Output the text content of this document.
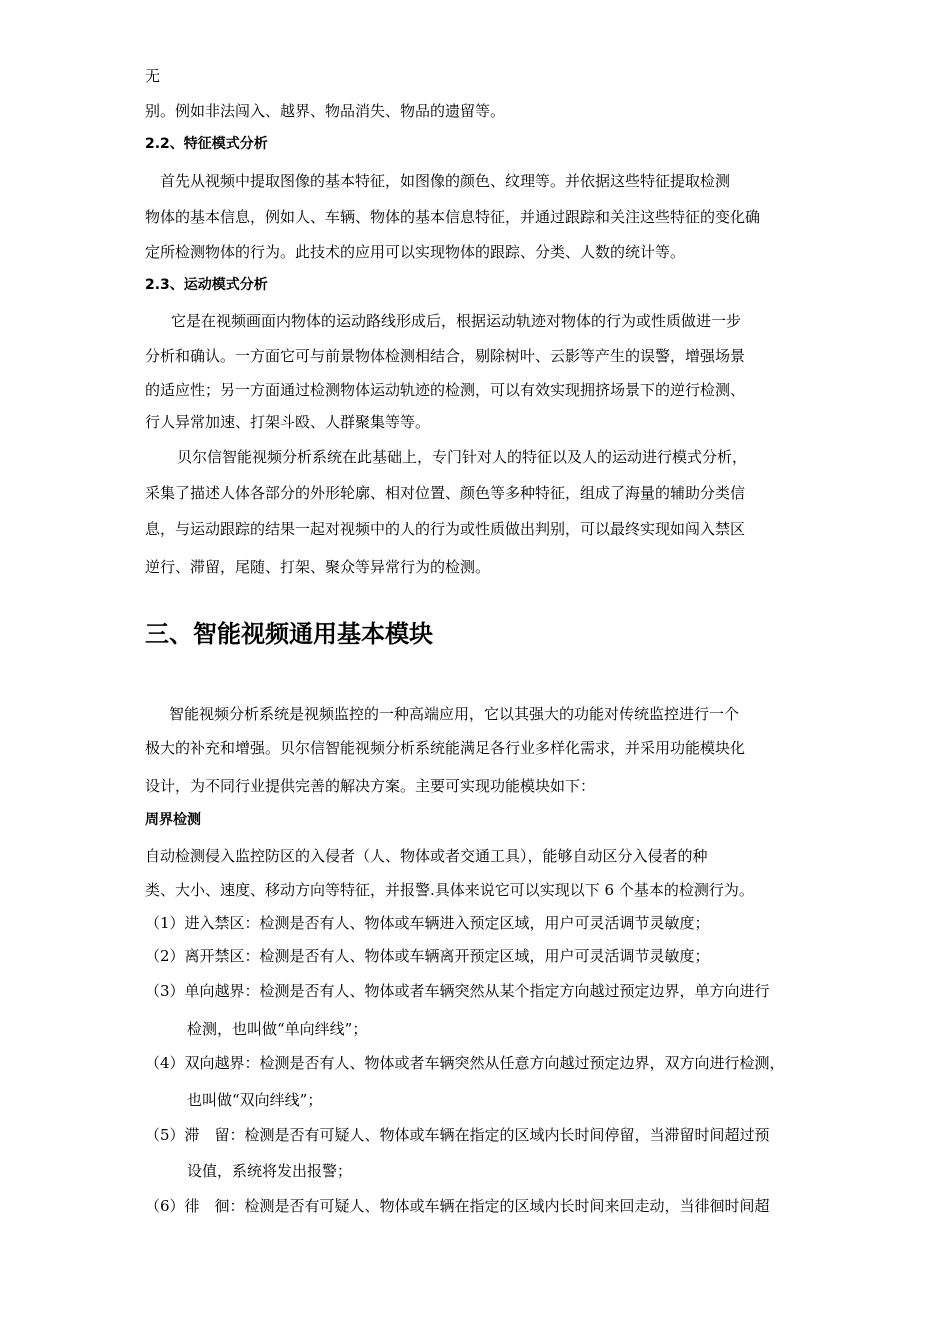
无
别。例如非法闯入、越界、物品消失、物品的遗留等。
2.2、特征模式分析
首先从视频中提取图像的基本特征，如图像的颜色、纹理等。并依据这些特征提取检测
物体的基本信息，例如人、车辆、物体的基本信息特征，并通过跟踪和关注这些特征的变化确
定所检测物体的行为。此技术的应用可以实现物体的跟踪、分类、人数的统计等。
2.3、运动模式分析
它是在视频画面内物体的运动路线形成后，根据运动轨迹对物体的行为或性质做进一步
分析和确认。一方面它可与前景物体检测相结合，剔除树叶、云影等产生的误警，增强场景
的适应性；另一方面通过检测物体运动轨迹的检测，可以有效实现拥挤场景下的逆行检测、
行人异常加速、打架斗殴、人群聚集等等。
贝尔信智能视频分析系统在此基础上，专门针对人的特征以及人的运动进行模式分析，
采集了描述人体各部分的外形轮廓、相对位置、颜色等多种特征，组成了海量的辅助分类信
息，与运动跟踪的结果一起对视频中的人的行为或性质做出判别，可以最终实现如闯入禁区
逆行、滞留，尾随、打架、聚众等异常行为的检测。
三、智能视频通用基本模块
智能视频分析系统是视频监控的一种高端应用，它以其强大的功能对传统监控进行一个
极大的补充和增强。贝尔信智能视频分析系统能满足各行业多样化需求，并采用功能模块化
设计，为不同行业提供完善的解决方案。主要可实现功能模块如下：
周界检测
自动检测侵入监控防区的入侵者（人、物体或者交通工具），能够自动区分入侵者的种
类、大小、速度、移动方向等特征，并报警.具体来说它可以实现以下 6 个基本的检测行为。
（1）进入禁区：检测是否有人、物体或车辆进入预定区域，用户可灵活调节灵敏度；
（2）离开禁区：检测是否有人、物体或车辆离开预定区域，用户可灵活调节灵敏度；
（3）单向越界：检测是否有人、物体或者车辆突然从某个指定方向越过预定边界，单方向进行
检测，也叫做“单向绊线”；
（4）双向越界：检测是否有人、物体或者车辆突然从任意方向越过预定边界，双方向进行检测，
也叫做“双向绊线”；
（5）滞　留：检测是否有可疑人、物体或车辆在指定的区域内长时间停留，当滞留时间超过预
设值，系统将发出报警；
（6）徘　徊：检测是否有可疑人、物体或车辆在指定的区域内长时间来回走动，当徘徊时间超
